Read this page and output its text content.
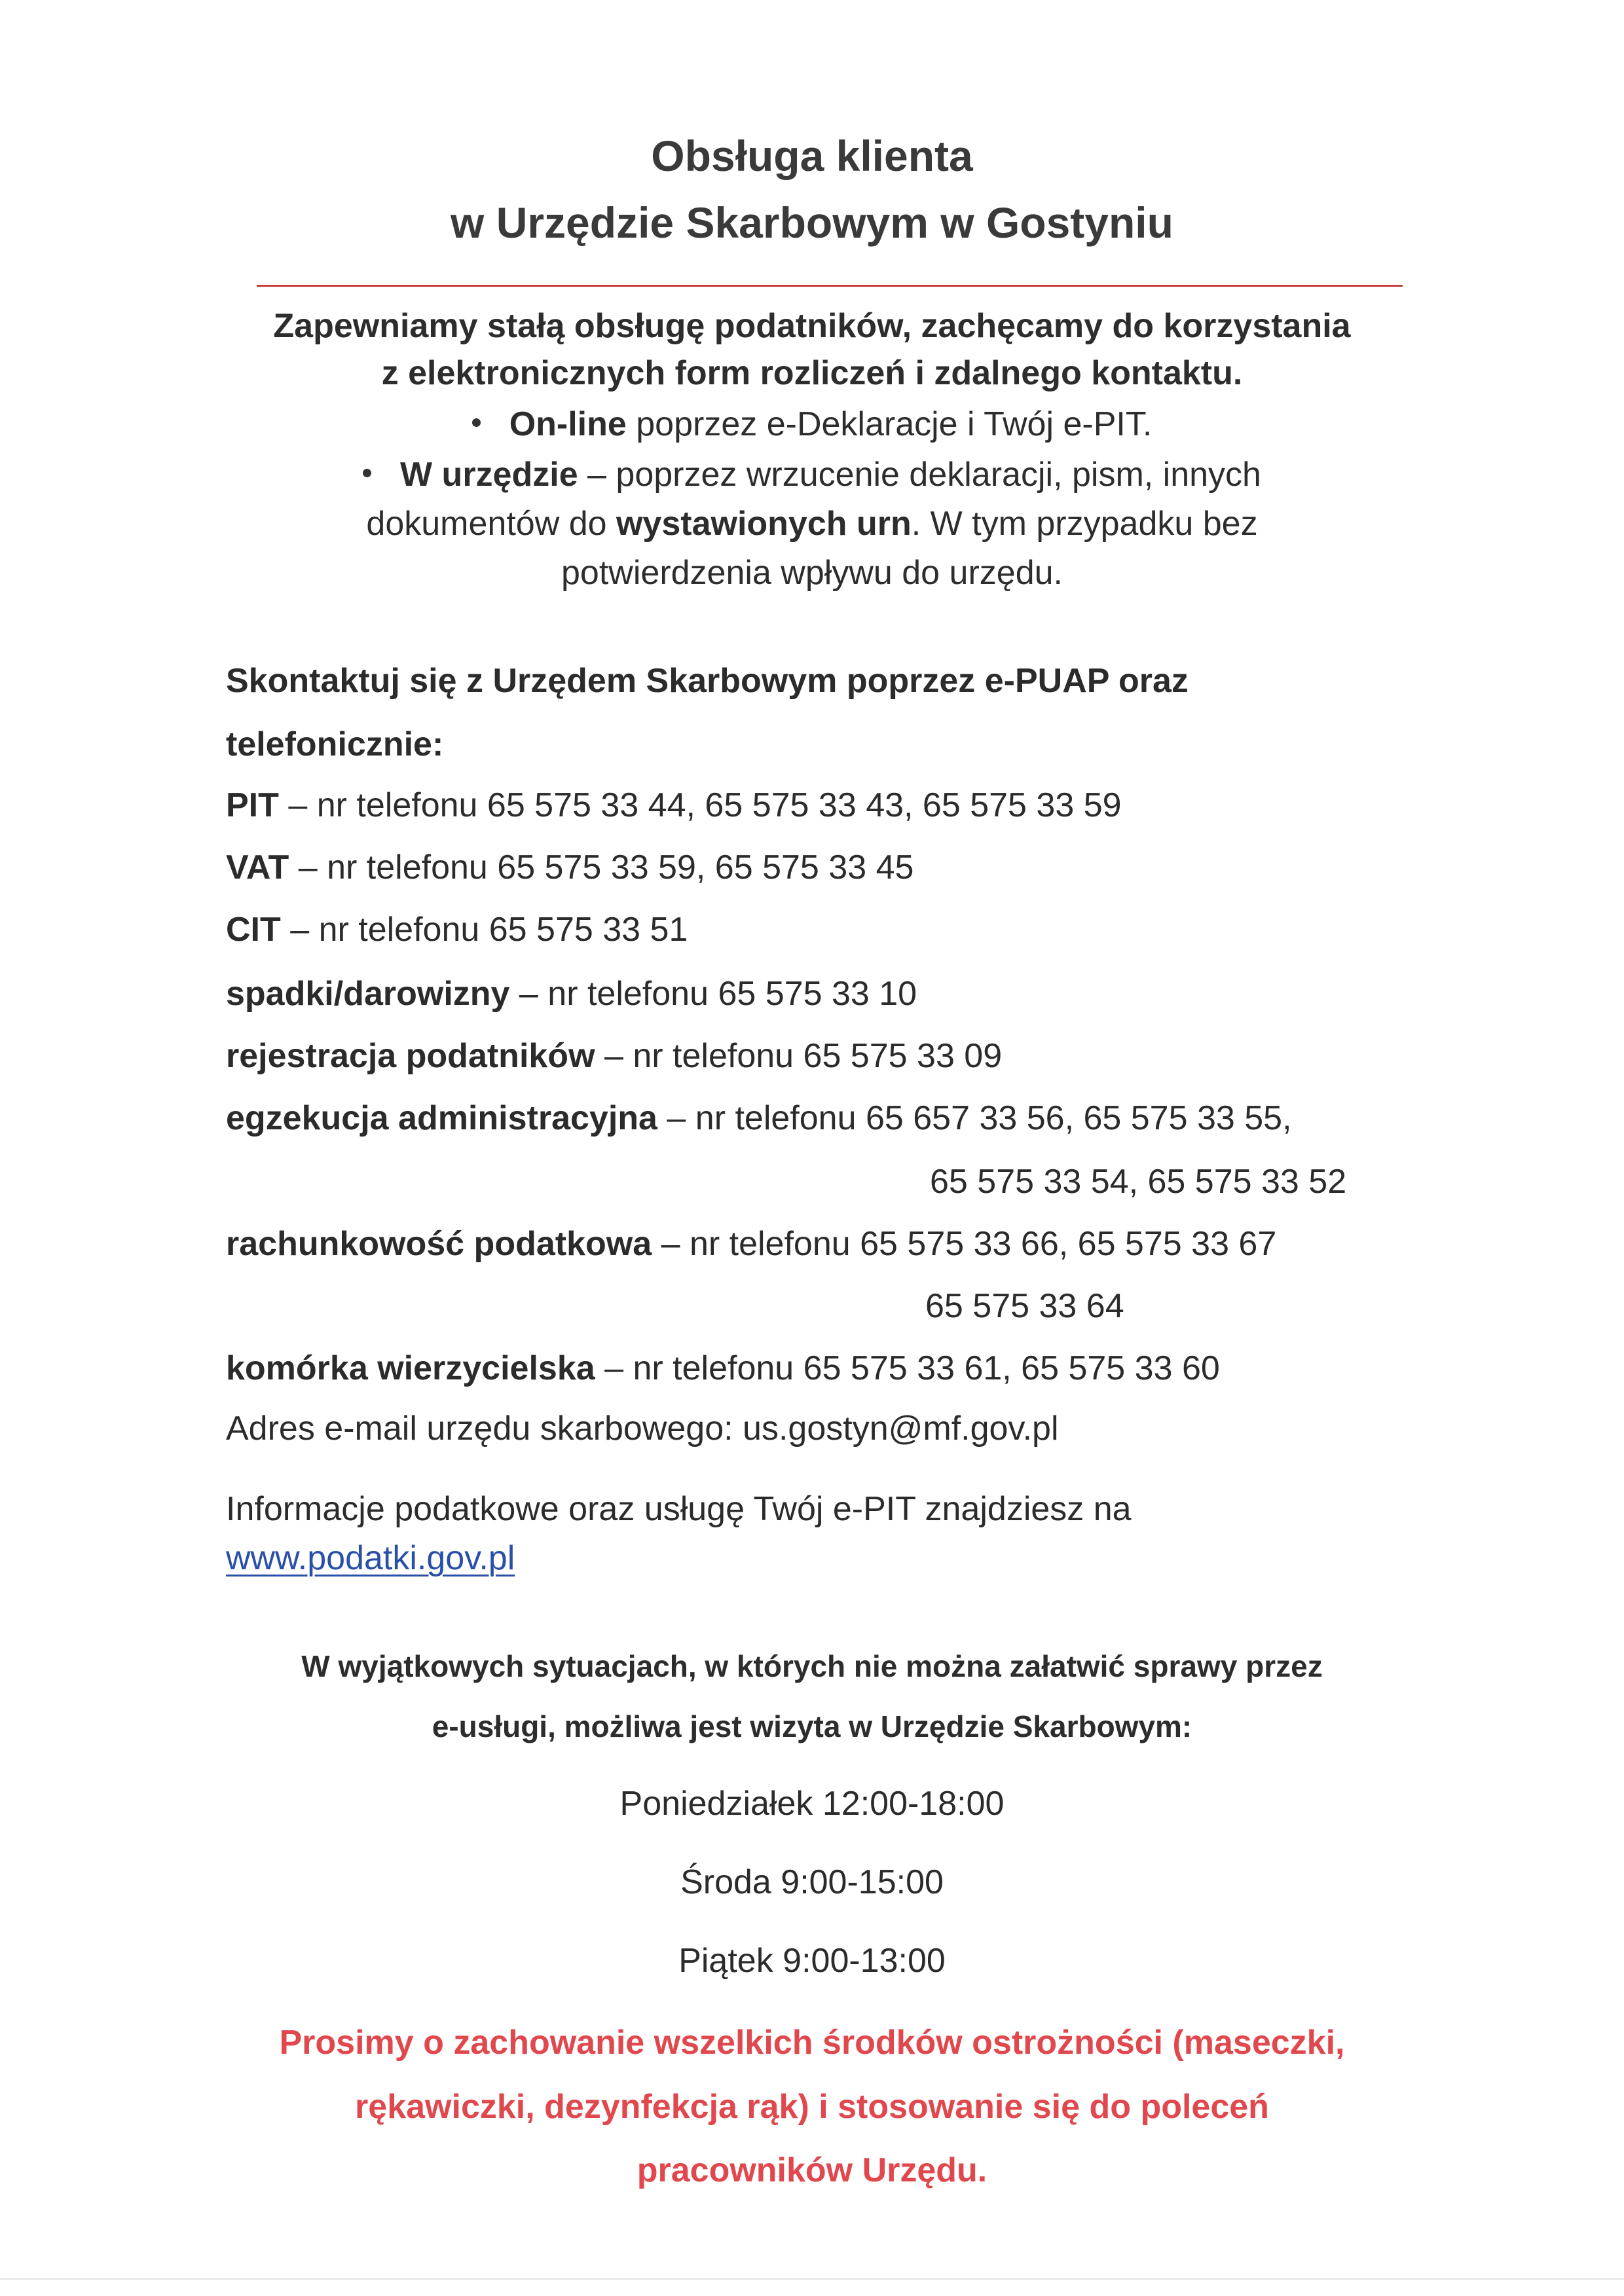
Obsługa klienta
w Urzędzie Skarbowym w Gostyniu
Zapewniamy stałą obsługę podatników, zachęcamy do korzystania
z elektronicznych form rozliczeń i zdalnego kontaktu.
On-line poprzez e-Deklaracje i Twój e-PIT.
W urzędzie – poprzez wrzucenie deklaracji, pism, innych
dokumentów do wystawionych urn. W tym przypadku bez
potwierdzenia wpływu do urzędu.
Skontaktuj się z Urzędem Skarbowym poprzez e-PUAP oraz
telefonicznie:
PIT – nr telefonu 65 575 33 44, 65 575 33 43, 65 575 33 59
VAT – nr telefonu 65 575 33 59, 65 575 33 45
CIT – nr telefonu 65 575 33 51
spadki/darowizny – nr telefonu 65 575 33 10
rejestracja podatników – nr telefonu 65 575 33 09
egzekucja administracyjna – nr telefonu 65 657 33 56, 65 575 33 55,
65 575 33 54, 65 575 33 52
rachunkowość podatkowa – nr telefonu 65 575 33 66, 65 575 33 67
65 575 33 64
komórka wierzycielska – nr telefonu 65 575 33 61, 65 575 33 60
Adres e-mail urzędu skarbowego: us.gostyn@mf.gov.pl
Informacje podatkowe oraz usługę Twój e-PIT znajdziesz na
www.podatki.gov.pl
W wyjątkowych sytuacjach, w których nie można załatwić sprawy przez
e-usługi, możliwa jest wizyta w Urzędzie Skarbowym:
Poniedziałek 12:00-18:00
Środa 9:00-15:00
Piątek 9:00-13:00
Prosimy o zachowanie wszelkich środków ostrożności (maseczki,
rękawiczki, dezynfekcja rąk) i stosowanie się do poleceń
pracowników Urzędu.
